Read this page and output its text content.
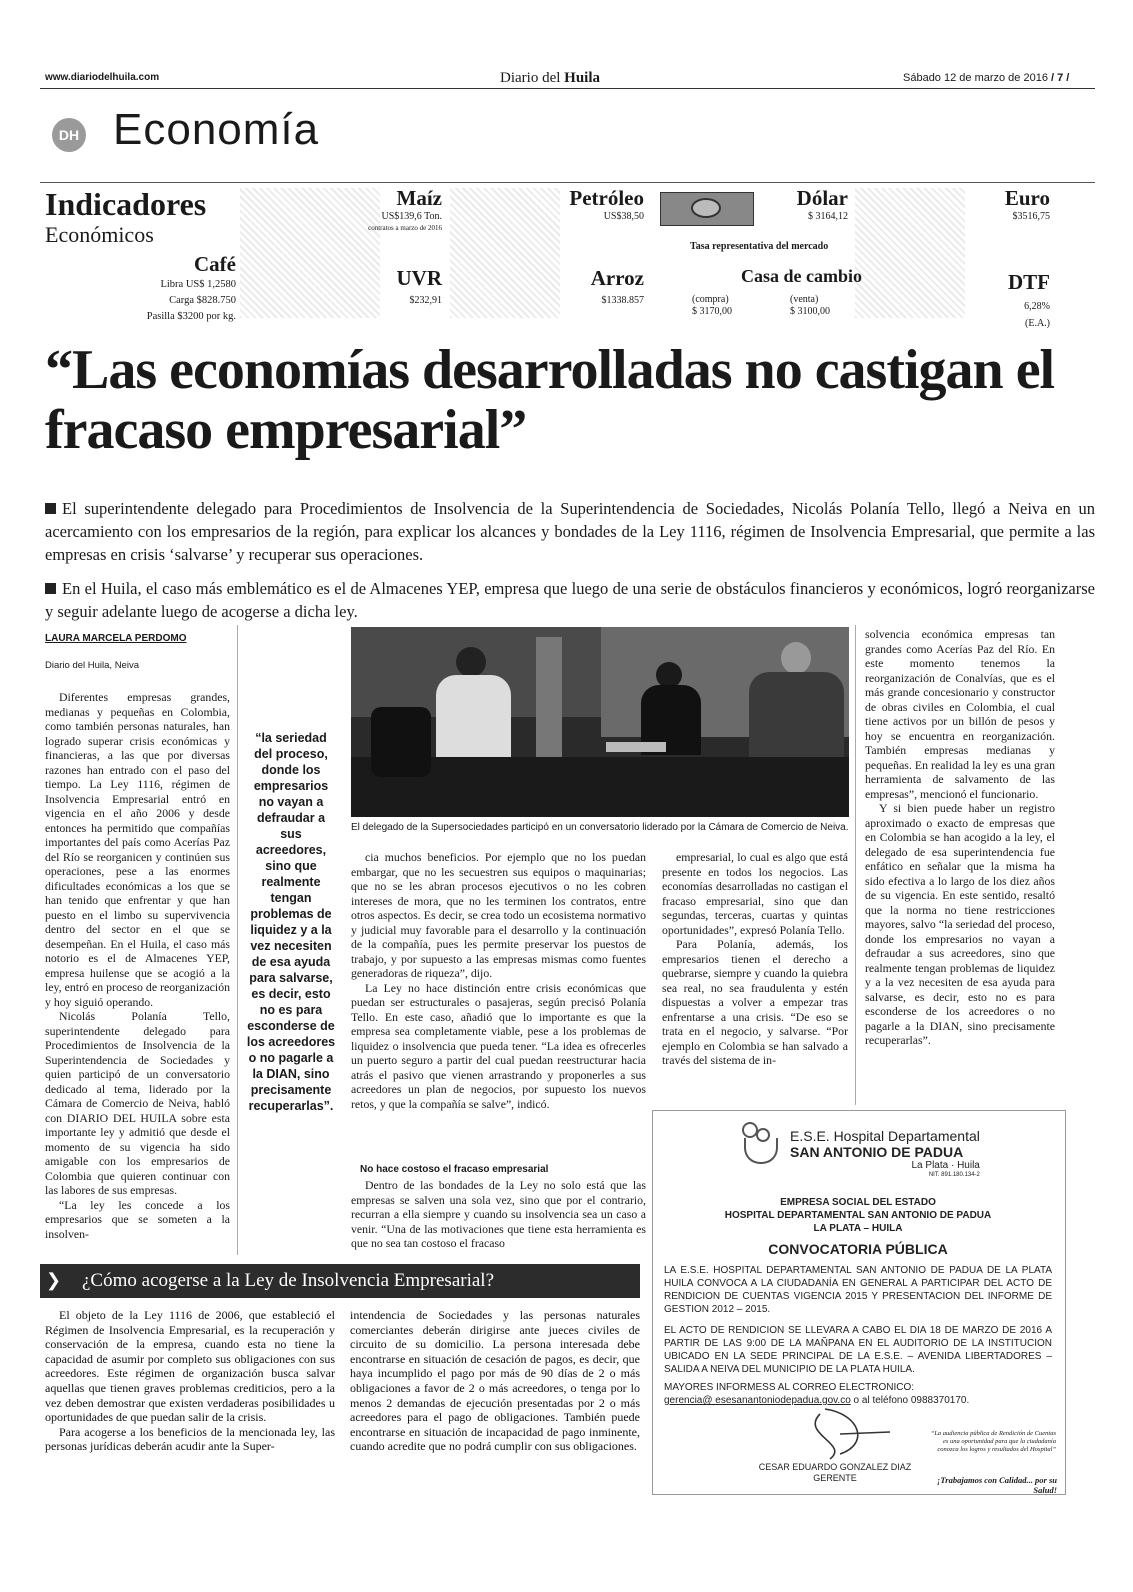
www.diariodelhuila.com	Diario del Huila	Sábado 12 de marzo de 2016 / 7 /
DH Economía
Indicadores
Económicos
Maíz
US$139,6 Ton.
contratos a marzo de 2016
Petróleo
US$38,50
Dólar
$ 3164,12
Tasa representativa del mercado
Euro
$3516,75
Café
Libra US$ 1,2580
Carga $828.750
Pasilla $3200 por kg.
UVR
$232,91
Arroz
$1338.857
Casa de cambio
(compra)
$ 3170,00
(venta)
$ 3100,00
DTF
6,28%
(E.A.)
“Las economías desarrolladas no castigan el fracaso empresarial”
El superintendente delegado para Procedimientos de Insolvencia de la Superintendencia de Sociedades, Nicolás Polanía Tello, llegó a Neiva en un acercamiento con los empresarios de la región, para explicar los alcances y bondades de la Ley 1116, régimen de Insolvencia Empresarial, que permite a las empresas en crisis ‘salvarse’ y recuperar sus operaciones.
En el Huila, el caso más emblemático es el de Almacenes YEP, empresa que luego de una serie de obstáculos financieros y económicos, logró reorganizarse y seguir adelante luego de acogerse a dicha ley.
LAURA MARCELA PERDOMO
Diario del Huila, Neiva

Diferentes empresas grandes, medianas y pequeñas en Colombia, como también personas naturales, han logrado superar crisis económicas y financieras, a las que por diversas razones han entrado con el paso del tiempo. La Ley 1116, régimen de Insolvencia Empresarial entró en vigencia en el año 2006 y desde entonces ha permitido que compañías importantes del país como Acerías Paz del Río se reorganicen y continúen sus operaciones, pese a las enormes dificultades económicas a los que se han tenido que enfrentar y que han puesto en el limbo su supervivencia dentro del sector en el que se desempeñan. En el Huila, el caso más notorio es el de Almacenes YEP, empresa huilense que se acogió a la ley, entró en proceso de reorganización y hoy siguió operando.

Nicolás Polanía Tello, superintendente delegado para Procedimientos de Insolvencia de la Superintendencia de Sociedades y quien participó de un conversatorio dedicado al tema, liderado por la Cámara de Comercio de Neiva, habló con DIARIO DEL HUILA sobre esta importante ley y admitió que desde el momento de su vigencia ha sido amigable con los empresarios de Colombia que quieren continuar con las labores de sus empresas.

“La ley les concede a los empresarios que se someten a la insolven-

“la seriedad del proceso, donde los empresarios no vayan a defraudar a sus acreedores, sino que realmente tengan problemas de liquidez y a la vez necesiten de esa ayuda para salvarse, es decir, esto no es para esconderse de los acreedores o no pagarle a la DIAN, sino precisamente recuperarlas”.
El delegado de la Supersociedades participó en un conversatorio liderado por la Cámara de Comercio de Neiva.

cia muchos beneficios. Por ejemplo que no los puedan embargar, que no les secuestren sus equipos o maquinarias; que no se les abran procesos ejecutivos o no les cobren intereses de mora, que no les terminen los contratos, entre otros aspectos. Es decir, se crea todo un ecosistema normativo y judicial muy favorable para el desarrollo y la continuación de la compañía, pues les permite preservar los puestos de trabajo, y por supuesto a las empresas mismas como fuentes generadoras de riqueza”, dijo.

La Ley no hace distinción entre crisis económicas que puedan ser estructurales o pasajeras, según precisó Polanía Tello. En este caso, añadió que lo importante es que la empresa sea completamente viable, pese a los problemas de liquidez o insolvencia que pueda tener. “La idea es ofrecerles un puerto seguro a partir del cual puedan reestructurar hacia atrás el pasivo que vienen arrastrando y proponerles a sus acreedores un plan de negocios, por supuesto los nuevos retos, y que la compañía se salve”, indicó.

No hace costoso el fracaso empresarial

Dentro de las bondades de la Ley no solo está que las empresas se salven una sola vez, sino que por el contrario, recurran a ella siempre y cuando su insolvencia sea un caso a venir. “Una de las motivaciones que tiene esta herramienta es que no sea tan costoso el fracaso

empresarial, lo cual es algo que está presente en todos los negocios. Las economías desarrolladas no castigan el fracaso empresarial, sino que dan segundas, terceras, cuartas y quintas oportunidades”, expresó Polanía Tello.

Para Polanía, además, los empresarios tienen el derecho a quebrarse, siempre y cuando la quiebra sea real, no sea fraudulenta y estén dispuestas a volver a empezar tras enfrentarse a una crisis. “De eso se trata en el negocio, y salvarse. “Por ejemplo en Colombia se han salvado a través del sistema de in-

solvencia económica empresas tan grandes como Acerías Paz del Río. En este momento tenemos la reorganización de Conalvías, que es el más grande concesionario y constructor de obras civiles en Colombia, el cual tiene activos por un billón de pesos y hoy se encuentra en reorganización. También empresas medianas y pequeñas. En realidad la ley es una gran herramienta de salvamento de las empresas”, mencionó el funcionario.

Y si bien puede haber un registro aproximado o exacto de empresas que en Colombia se han acogido a la ley, el delegado de esa superintendencia fue enfático en señalar que la misma ha sido efectiva a lo largo de los diez años de su vigencia. En este sentido, resaltó que la norma no tiene restricciones mayores, salvo “la seriedad del proceso, donde los empresarios no vayan a defraudar a sus acreedores, sino que realmente tengan problemas de liquidez y a la vez necesiten de esa ayuda para salvarse, es decir, esto no es para esconderse de los acreedores o no pagarle a la DIAN, sino precisamente recuperarlas”.

❯ ¿Cómo acogerse a la Ley de Insolvencia Empresarial?

El objeto de la Ley 1116 de 2006, que estableció el Régimen de Insolvencia Empresarial, es la recuperación y conservación de la empresa, cuando esta no tiene la capacidad de asumir por completo sus obligaciones con sus acreedores. Este régimen de organización busca salvar aquellas que tienen graves problemas crediticios, pero a la vez deben demostrar que existen verdaderas posibilidades u oportunidades de que puedan salir de la crisis.

Para acogerse a los beneficios de la mencionada ley, las personas jurídicas deberán acudir ante la Super-

intendencia de Sociedades y las personas naturales comerciantes deberán dirigirse ante jueces civiles de circuito de su domicilio. La persona interesada debe encontrarse en situación de cesación de pagos, es decir, que haya incumplido el pago por más de 90 días de 2 o más obligaciones a favor de 2 o más acreedores, o tenga por lo menos 2 demandas de ejecución presentadas por 2 o más acreedores para el pago de obligaciones. También puede encontrarse en situación de incapacidad de pago inminente, cuando acredite que no podrá cumplir con sus obligaciones.

E.S.E. Hospital Departamental
SAN ANTONIO DE PADUA
La Plata · Huila
NIT. 891.180.134-2
EMPRESA SOCIAL DEL ESTADO
HOSPITAL DEPARTAMENTAL SAN ANTONIO DE PADUA
LA PLATA – HUILA
CONVOCATORIA PÚBLICA
LA E.S.E. HOSPITAL DEPARTAMENTAL SAN ANTONIO DE PADUA DE LA PLATA HUILA CONVOCA A LA CIUDADANÍA EN GENERAL A PARTICIPAR DEL ACTO DE RENDICION DE CUENTAS VIGENCIA 2015 Y PRESENTACION DEL INFORME DE GESTION 2012 – 2015.
EL ACTO DE RENDICION SE LLEVARA A CABO EL DIA 18 DE MARZO DE 2016 A PARTIR DE LAS 9:00 DE LA MAÑPANA EN EL AUDITORIO DE LA INSTITUCION UBICADO EN LA SEDE PRINCIPAL DE LA E.S.E. – AVENIDA LIBERTADORES – SALIDA A NEIVA DEL MUNICIPIO DE LA PLATA HUILA.
MAYORES INFORMESS AL CORREO ELECTRONICO:
gerencia@ esesanantoniodepadua.gov.co o al teléfono 0988370170.
CESAR EDUARDO GONZALEZ DIAZ
GERENTE
“La audiencia pública de Rendición de Cuentas es una oportunidad para que la ciudadanía conozca los logros y resultados del Hospital”
¡Trabajamos con Calidad... por su Salud!
